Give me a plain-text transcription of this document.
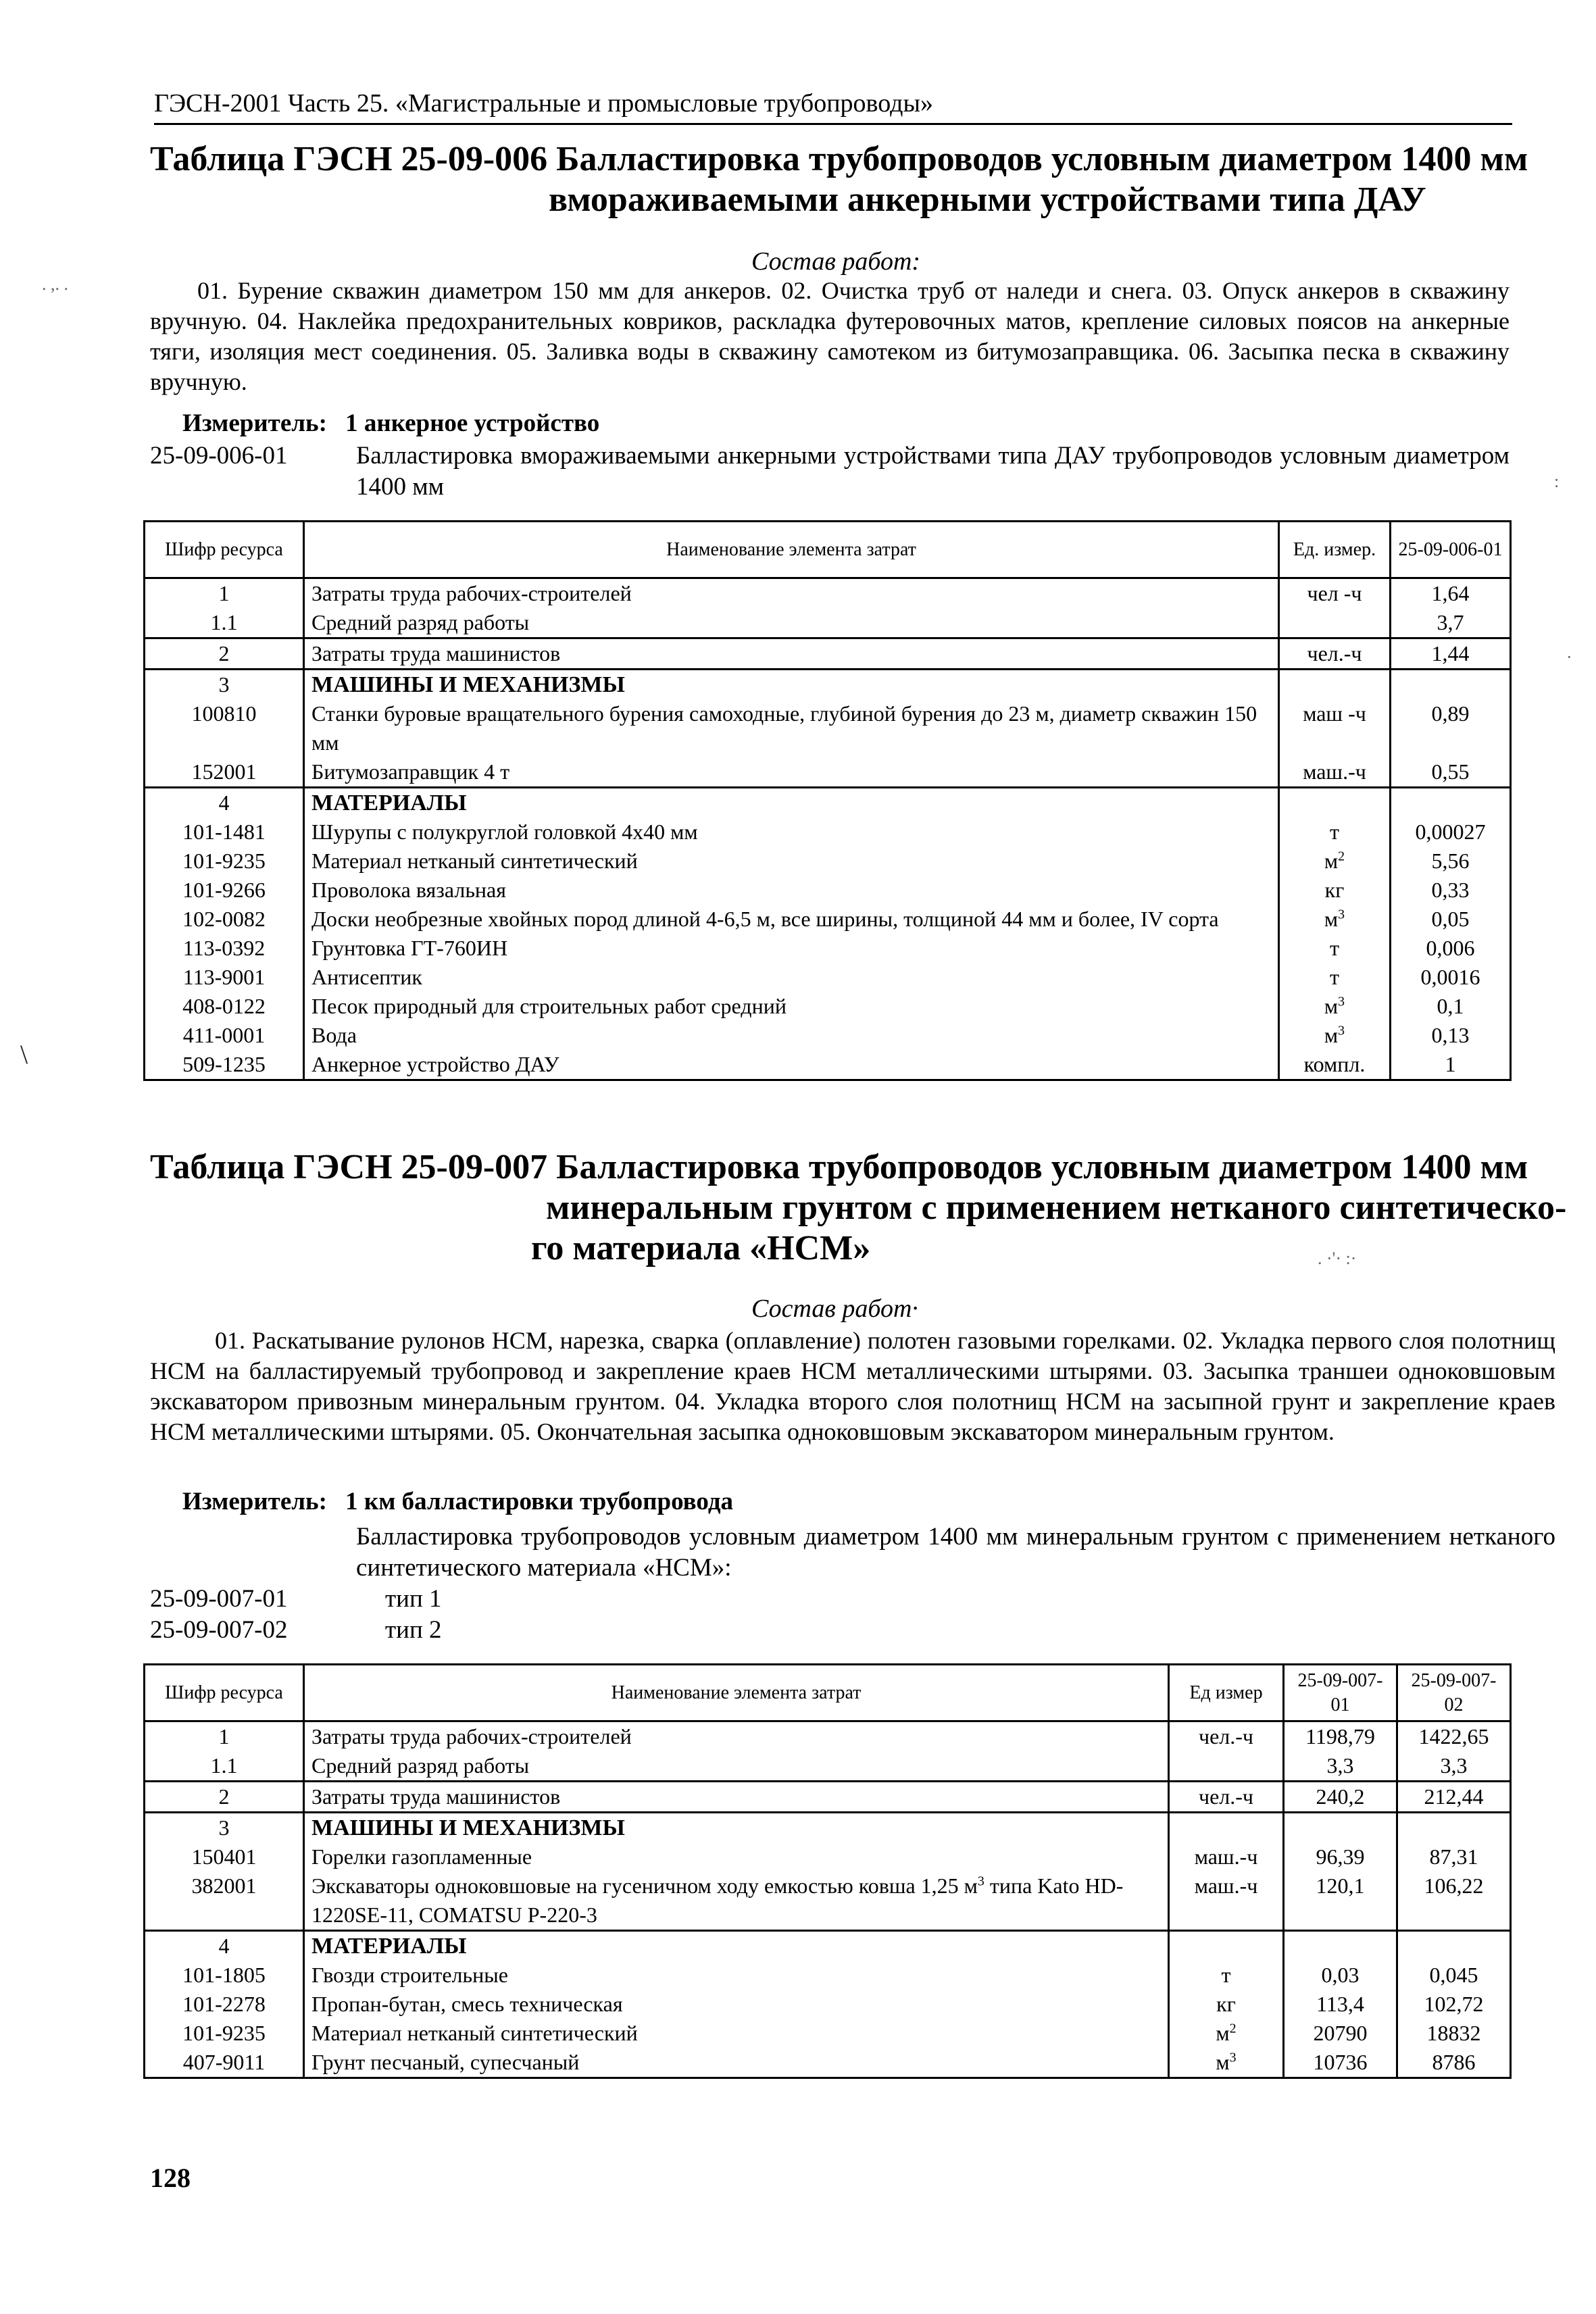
ГЭСН-2001 Часть 25. «Магистральные и промысловые трубопроводы»
Таблица ГЭСН 25-09-006 Балластировка трубопроводов условным диаметром 1400 мм
вмораживаемыми анкерными устройствами типа ДАУ
Состав работ:
01. Бурение скважин диаметром 150 мм для анкеров. 02. Очистка труб от наледи и снега. 03. Опуск анкеров в скважину вручную. 04. Наклейка предохранительных ковриков, раскладка футеровочных матов, крепление силовых поясов на анкерные тяги, изоляция мест соединения. 05. Заливка воды в скважину самотеком из битумозаправщика. 06. Засыпка песка в скважину вручную.
Измеритель: 1 анкерное устройство
25-09-006-01	Балластировка вмораживаемыми анкерными устройствами типа ДАУ трубопроводов условным диаметром 1400 мм
Шифр ресурса	Наименование элемента затрат	Ед. измер.	25-09-006-01
1	Затраты труда рабочих-строителей	чел -ч	1,64
1.1	Средний разряд работы		3,7
2	Затраты труда машинистов	чел.-ч	1,44
3	МАШИНЫ И МЕХАНИЗМЫ		
100810	Станки буровые вращательного бурения самоходные, глубиной бурения до 23 м, диаметр скважин 150 мм	маш -ч	0,89
152001	Битумозаправщик 4 т	маш.-ч	0,55
4	МАТЕРИАЛЫ		
101-1481	Шурупы с полукруглой головкой 4х40 мм	т	0,00027
101-9235	Материал нетканый синтетический	$м^2$	5,56
101-9266	Проволока вязальная	кг	0,33
102-0082	Доски необрезные хвойных пород длиной 4-6,5 м, все ширины, толщиной 44 мм и более, IV сорта	$м^3$	0,05
113-0392	Грунтовка ГТ-760ИН	т	0,006
113-9001	Антисептик	т	0,0016
408-0122	Песок природный для строительных работ средний	$м^3$	0,1
411-0001	Вода	$м^3$	0,13
509-1235	Анкерное устройство ДАУ	компл.	1
Таблица ГЭСН 25-09-007 Балластировка трубопроводов условным диаметром 1400 мм
минеральным грунтом с применением нетканого синтетическо-
го материала «НСМ»
Состав работ·
01. Раскатывание рулонов НСМ, нарезка, сварка (оплавление) полотен газовыми горелками. 02. Укладка первого слоя полотнищ НСМ на балластируемый трубопровод и закрепление краев НСМ металлическими штырями. 03. Засыпка траншеи одноковшовым экскаватором привозным минеральным грунтом. 04. Укладка второго слоя полотнищ НСМ на засыпной грунт и закрепление краев НСМ металлическими штырями. 05. Окончательная засыпка одноковшовым экскаватором минеральным грунтом.
Измеритель: 1 км балластировки трубопровода
Балластировка трубопроводов условным диаметром 1400 мм минеральным грунтом с применением нетканого синтетического материала «НСМ»:
25-09-007-01	тип 1
25-09-007-02	тип 2
Шифр ресурса	Наименование элемента затрат	Ед измер	25-09-007-01	25-09-007-02
1	Затраты труда рабочих-строителей	чел.-ч	1198,79	1422,65
1.1	Средний разряд работы		3,3	3,3
2	Затраты труда машинистов	чел.-ч	240,2	212,44
3	МАШИНЫ И МЕХАНИЗМЫ			
150401	Горелки газопламенные	маш.-ч	96,39	87,31
382001	Экскаваторы одноковшовые на гусеничном ходу емкостью ковша 1,25 $м^3$ типа Kato HD-1220SE-11, COMATSU P-220-3	маш.-ч	120,1	106,22
4	МАТЕРИАЛЫ			
101-1805	Гвозди строительные	т	0,03	0,045
101-2278	Пропан-бутан, смесь техническая	кг	113,4	102,72
101-9235	Материал нетканый синтетический	$м^2$	20790	18832
407-9011	Грунт песчаный, супесчаный	$м^3$	10736	8786
128
. ,. .
\
:
·
. ·'· :·
